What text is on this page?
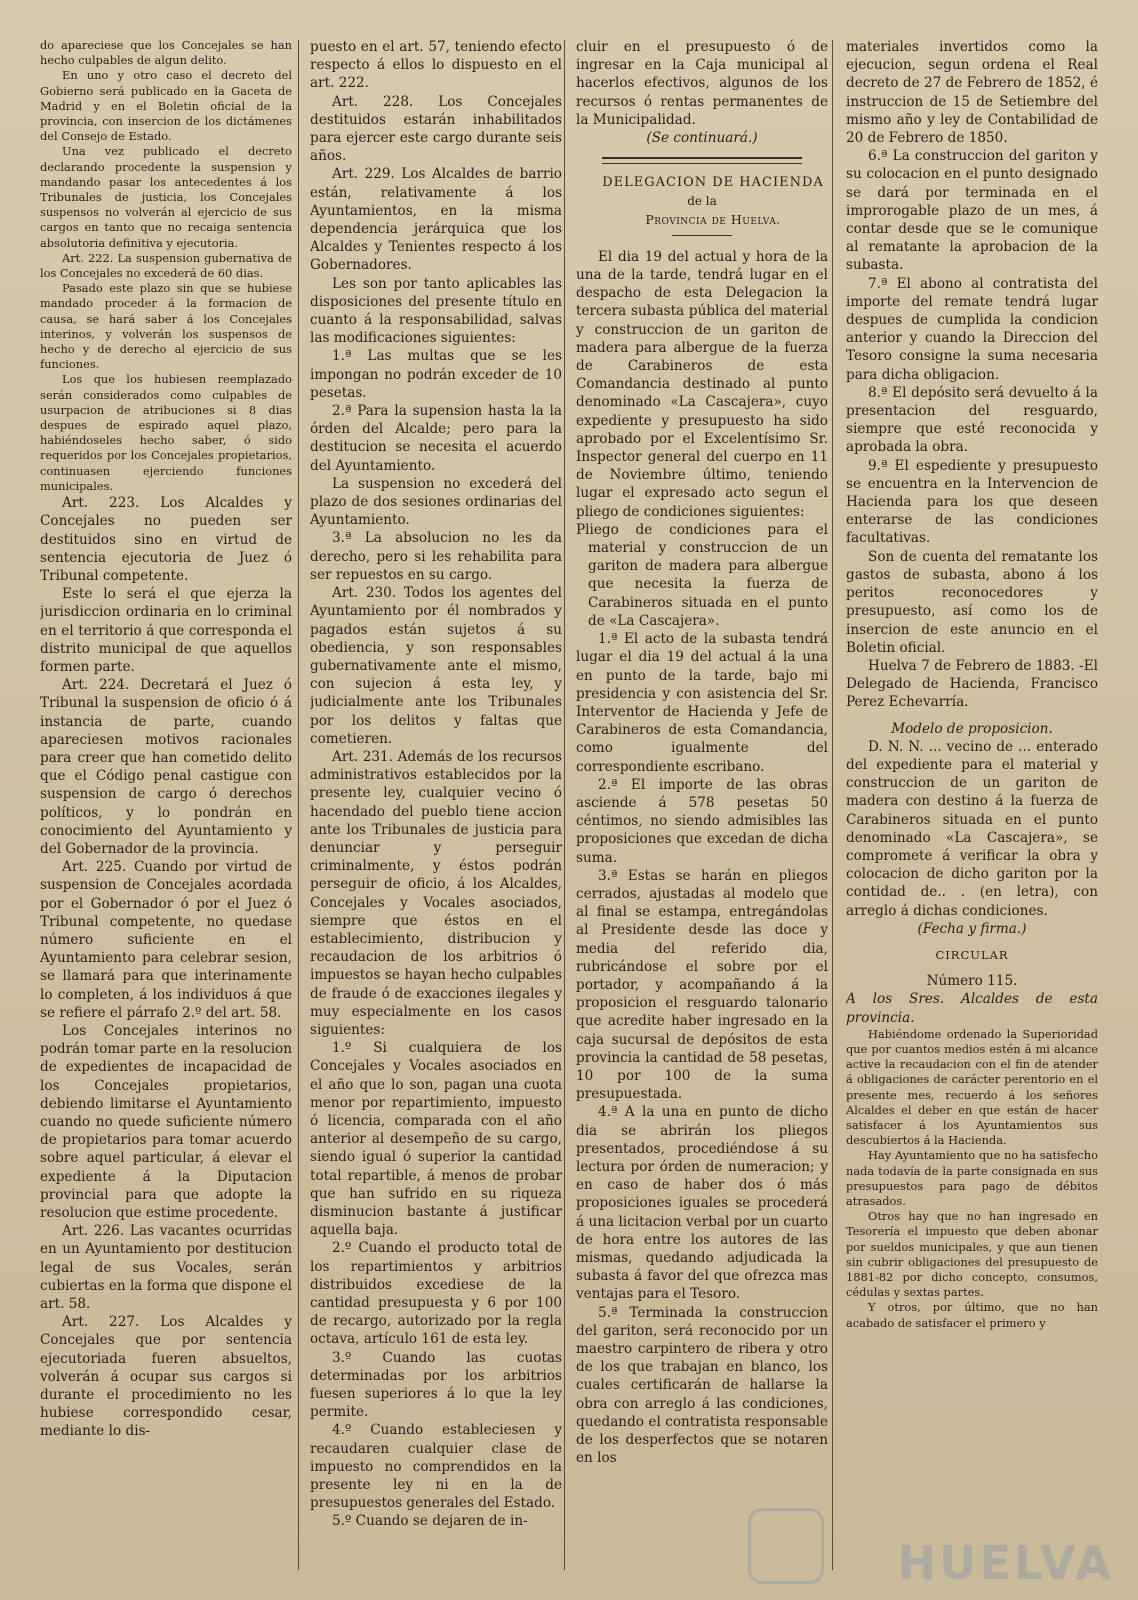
do apareciese que los Concejales se han hecho culpables de algun delito.

En uno y otro caso el decreto del Gobierno será publicado en la Gaceta de Madrid y en el Boletin oficial de la provincia, con insercion de los dictámenes del Consejo de Estado.

Una vez publicado el decreto declarando procedente la suspension y mandando pasar los antecedentes á los Tribunales de justicia, los Concejales suspensos no volverán al ejercicio de sus cargos en tanto que no recaiga sentencia absolutoria definitiva y ejecutoria.

Art. 222. La suspension gubernativa de los Concejales no excederá de 60 dias.

Pasado este plazo sin que se hubiese mandado proceder á la formacion de causa, se hará saber á los Concejales interinos, y volverán los suspensos de hecho y de derecho al ejercicio de sus funciones.

Los que los hubiesen reemplazado serán considerados como culpables de usurpacion de atribuciones si 8 dias despues de espirado aquel plazo, habiéndoseles hecho saber, ó sido requeridos por los Concejales propietarios, continuasen ejerciendo funciones municipales.

Art. 223. Los Alcaldes y Concejales no pueden ser destituidos sino en virtud de sentencia ejecutoria de Juez ó Tribunal competente.

Este lo será el que ejerza la jurisdiccion ordinaria en lo criminal en el territorio á que corresponda el distrito municipal de que aquellos formen parte.

Art. 224. Decretará el Juez ó Tribunal la suspension de oficio ó á instancia de parte, cuando apareciesen motivos racionales para creer que han cometido delito que el Código penal castigue con suspension de cargo ó derechos políticos, y lo pondrán en conocimiento del Ayuntamiento y del Gobernador de la provincia.

Art. 225. Cuando por virtud de suspension de Concejales acordada por el Gobernador ó por el Juez ó Tribunal competente, no quedase número suficiente en el Ayuntamiento para celebrar sesion, se llamará para que interinamente lo completen, á los individuos á que se refiere el párrafo 2.º del art. 58.

Los Concejales interinos no podrán tomar parte en la resolucion de expedientes de incapacidad de los Concejales propietarios, debiendo limitarse el Ayuntamiento cuando no quede suficiente número de propietarios para tomar acuerdo sobre aquel particular, á elevar el expediente á la Diputacion provincial para que adopte la resolucion que estime procedente.

Art. 226. Las vacantes ocurridas en un Ayuntamiento por destitucion legal de sus Vocales, serán cubiertas en la forma que dispone el art. 58.

Art. 227. Los Alcaldes y Concejales que por sentencia ejecutoriada fueren absueltos, volverán á ocupar sus cargos si durante el procedimiento no les hubiese correspondido cesar, mediante lo dis-

puesto en el art. 57, teniendo efecto respecto á ellos lo dispuesto en el art. 222.

Art. 228. Los Concejales destituidos estarán inhabilitados para ejercer este cargo durante seis años.

Art. 229. Los Alcaldes de barrio están, relativamente á los Ayuntamientos, en la misma dependencia jerárquica que los Alcaldes y Tenientes respecto á los Gobernadores.

Les son por tanto aplicables las disposiciones del presente título en cuanto á la responsabilidad, salvas las modificaciones siguientes:

1.ª Las multas que se les impongan no podrán exceder de 10 pesetas.

2.ª Para la supension hasta la la órden del Alcalde; pero para la destitucion se necesita el acuerdo del Ayuntamiento.

La suspension no excederá del plazo de dos sesiones ordinarias del Ayuntamiento.

3.ª La absolucion no les da derecho, pero si les rehabilita para ser repuestos en su cargo.

Art. 230. Todos los agentes del Ayuntamiento por él nombrados y pagados están sujetos á su obediencia, y son responsables gubernativamente ante el mismo, con sujecion á esta ley, y judicialmente ante los Tribunales por los delitos y faltas que cometieren.

Art. 231. Además de los recursos administrativos establecidos por la presente ley, cualquier vecino ó hacendado del pueblo tiene accion ante los Tribunales de justicia para denunciar y perseguir criminalmente, y éstos podrán perseguir de oficio, á los Alcaldes, Concejales y Vocales asociados, siempre que éstos en el establecimiento, distribucion y recaudacion de los arbitrios ó impuestos se hayan hecho culpables de fraude ó de exacciones ilegales y muy especialmente en los casos siguientes:

1.º Si cualquiera de los Concejales y Vocales asociados en el año que lo son, pagan una cuota menor por repartimiento, impuesto ó licencia, comparada con el año anterior al desempeño de su cargo, siendo igual ó superior la cantidad total repartible, á menos de probar que han sufrido en su riqueza disminucion bastante á justificar aquella baja.

2.º Cuando el producto total de los repartimientos y arbitrios distribuidos excediese de la cantidad presupuesta y 6 por 100 de recargo, autorizado por la regla octava, artículo 161 de esta ley.

3.º Cuando las cuotas determinadas por los arbitrios fuesen superiores á lo que la ley permite.

4.º Cuando estableciesen y recaudaren cualquier clase de impuesto no comprendidos en la presente ley ni en la de presupuestos generales del Estado.

5.º Cuando se dejaren de in-

cluir en el presupuesto ó de ingresar en la Caja municipal al hacerlos efectivos, algunos de los recursos ó rentas permanentes de la Municipalidad.

(Se continuará.)

DELEGACION DE HACIENDA

de la

Provincia de Huelva.

El dia 19 del actual y hora de la una de la tarde, tendrá lugar en el despacho de esta Delegacion la tercera subasta pública del material y construccion de un gariton de madera para albergue de la fuerza de Carabineros de esta Comandancia destinado al punto denominado «La Cascajera», cuyo expediente y presupuesto ha sido aprobado por el Excelentísimo Sr. Inspector general del cuerpo en 11 de Noviembre último, teniendo lugar el expresado acto segun el pliego de condiciones siguientes:

Pliego de condiciones para el material y construccion de un gariton de madera para albergue que necesita la fuerza de Carabineros situada en el punto de «La Cascajera».

1.ª El acto de la subasta tendrá lugar el dia 19 del actual á la una en punto de la tarde, bajo mi presidencia y con asistencia del Sr. Interventor de Hacienda y Jefe de Carabineros de esta Comandancia, como igualmente del correspondiente escribano.

2.ª El importe de las obras asciende á 578 pesetas 50 céntimos, no siendo admisibles las proposiciones que excedan de dicha suma.

3.ª Estas se harán en pliegos cerrados, ajustadas al modelo que al final se estampa, entregándolas al Presidente desde las doce y media del referido dia, rubricándose el sobre por el portador, y acompañando á la proposicion el resguardo talonario que acredite haber ingresado en la caja sucursal de depósitos de esta provincia la cantidad de 58 pesetas, 10 por 100 de la suma presupuestada.

4.ª A la una en punto de dicho dia se abrirán los pliegos presentados, procediéndose á su lectura por órden de numeracion; y en caso de haber dos ó más proposiciones iguales se procederá á una licitacion verbal por un cuarto de hora entre los autores de las mismas, quedando adjudicada la subasta á favor del que ofrezca mas ventajas para el Tesoro.

5.ª Terminada la construccion del gariton, será reconocido por un maestro carpintero de ribera y otro de los que trabajan en blanco, los cuales certificarán de hallarse la obra con arreglo á las condiciones, quedando el contratista responsable de los desperfectos que se notaren en los

materiales invertidos como la ejecucion, segun ordena el Real decreto de 27 de Febrero de 1852, é instruccion de 15 de Setiembre del mismo año y ley de Contabilidad de 20 de Febrero de 1850.

6.ª La construccion del gariton y su colocacion en el punto designado se dará por terminada en el improrogable plazo de un mes, á contar desde que se le comunique al rematante la aprobacion de la subasta.

7.ª El abono al contratista del importe del remate tendrá lugar despues de cumplida la condicion anterior y cuando la Direccion del Tesoro consigne la suma necesaria para dicha obligacion.

8.ª El depósito será devuelto á la presentacion del resguardo, siempre que esté reconocida y aprobada la obra.

9.ª El espediente y presupuesto se encuentra en la Intervencion de Hacienda para los que deseen enterarse de las condiciones facultativas.

Son de cuenta del rematante los gastos de subasta, abono á los peritos reconocedores y presupuesto, así como los de insercion de este anuncio en el Boletin oficial.

Huelva 7 de Febrero de 1883. -El Delegado de Hacienda, Francisco Perez Echevarría.

Modelo de proposicion.

D. N. N. ... vecino de ... enterado del expediente para el material y construccion de un gariton de madera con destino á la fuerza de Carabineros situada en el punto denominado «La Cascajera», se compromete á verificar la obra y colocacion de dicho gariton por la contidad de.. . (en letra), con arreglo á dichas condiciones.

(Fecha y firma.)

CIRCULAR

Número 115.

A los Sres. Alcaldes de esta provincia.

Habiéndome ordenado la Superioridad que por cuantos medios estén á mi alcance active la recaudacion con el fin de atender á obligaciones de carácter perentorio en el presente mes, recuerdo á los señores Alcaldes el deber en que están de hacer satisfacer á los Ayuntamientos sus descubiertos á la Hacienda.

Hay Ayuntamiento que no ha satisfecho nada todavía de la parte consignada en sus presupuestos para pago de débitos atrasados.

Otros hay que no han ingresado en Tesorería el impuesto que deben abonar por sueldos municipales, y que aun tienen sin cubrir obligaciones del presupuesto de 1881-82 por dicho concepto, consumos, cédulas y sextas partes.

Y otros, por último, que no han acabado de satisfacer el primero y

HUELVA
